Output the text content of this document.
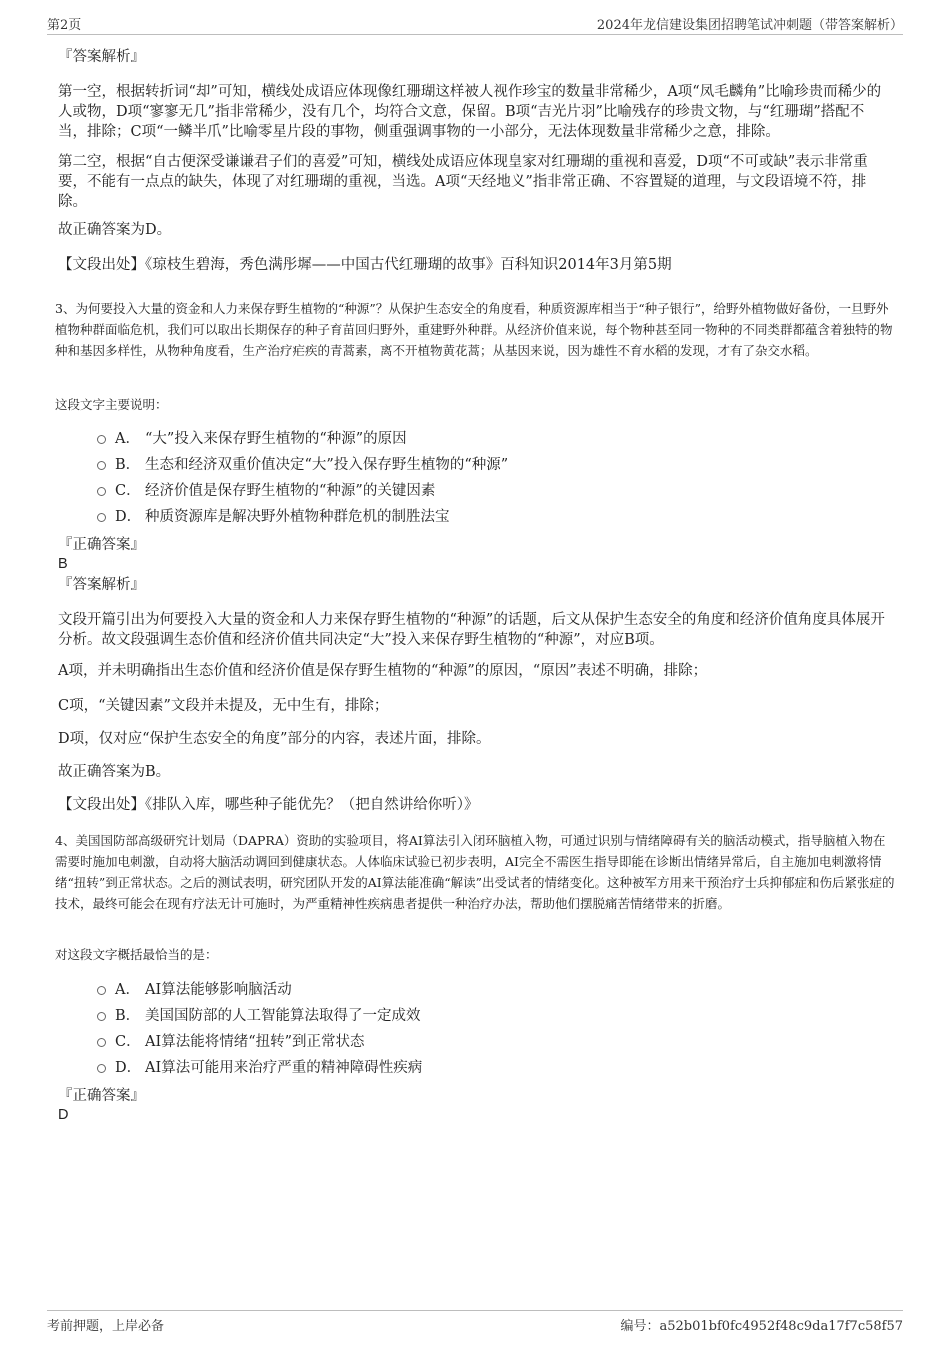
第2页	2024年龙信建设集团招聘笔试冲刺题（带答案解析）
『答案解析』
第一空，根据转折词“却”可知，横线处成语应体现像红珊瑚这样被人视作珍宝的数量非常稀少，A项“凤毛麟角”比喻珍贵而稀少的人或物，D项“寥寥无几”指非常稀少，没有几个，均符合文意，保留。B项“吉光片羽”比喻残存的珍贵文物，与“红珊瑚”搭配不当，排除；C项“一鳞半爪”比喻零星片段的事物，侧重强调事物的一小部分，无法体现数量非常稀少之意，排除。
第二空，根据“自古便深受谦谦君子们的喜爱”可知，横线处成语应体现皇家对红珊瑚的重视和喜爱，D项“不可或缺”表示非常重要，不能有一点点的缺失，体现了对红珊瑚的重视，当选。A项“天经地义”指非常正确、不容置疑的道理，与文段语境不符，排除。
故正确答案为D。
【文段出处】《琼枝生碧海，秀色满彤墀——中国古代红珊瑚的故事》百科知识2014年3月第5期
3、为何要投入大量的资金和人力来保存野生植物的“种源”？从保护生态安全的角度看，种质资源库相当于“种子银行”，给野外植物做好备份，一旦野外植物种群面临危机，我们可以取出长期保存的种子育苗回归野外，重建野外种群。从经济价值来说，每个物种甚至同一物种的不同类群都蕴含着独特的物种和基因多样性，从物种角度看，生产治疗疟疾的青蒿素，离不开植物黄花蒿；从基因来说，因为雄性不育水稻的发现，才有了杂交水稻。
这段文字主要说明：
A． “大”投入来保存野生植物的“种源”的原因
B． 生态和经济双重价值决定“大”投入保存野生植物的“种源”
C． 经济价值是保存野生植物的“种源”的关键因素
D． 种质资源库是解决野外植物种群危机的制胜法宝
『正确答案』
B
『答案解析』
文段开篇引出为何要投入大量的资金和人力来保存野生植物的“种源”的话题，后文从保护生态安全的角度和经济价值角度具体展开分析。故文段强调生态价值和经济价值共同决定“大”投入来保存野生植物的“种源”，对应B项。
A项，并未明确指出生态价值和经济价值是保存野生植物的“种源”的原因，“原因”表述不明确，排除；
C项，“关键因素”文段并未提及，无中生有，排除；
D项，仅对应“保护生态安全的角度”部分的内容，表述片面，排除。
故正确答案为B。
【文段出处】《排队入库，哪些种子能优先？（把自然讲给你听）》
4、美国国防部高级研究计划局（DAPRA）资助的实验项目，将AI算法引入闭环脑植入物，可通过识别与情绪障碍有关的脑活动模式，指导脑植入物在需要时施加电刺激，自动将大脑活动调回到健康状态。人体临床试验已初步表明，AI完全不需医生指导即能在诊断出情绪异常后，自主施加电刺激将情绪“扭转”到正常状态。之后的测试表明，研究团队开发的AI算法能准确“解读”出受试者的情绪变化。这种被军方用来干预治疗士兵抑郁症和伤后紧张症的技术，最终可能会在现有疗法无计可施时，为严重精神性疾病患者提供一种治疗办法，帮助他们摆脱痛苦情绪带来的折磨。
对这段文字概括最恰当的是：
A． AI算法能够影响脑活动
B． 美国国防部的人工智能算法取得了一定成效
C． AI算法能将情绪“扭转”到正常状态
D． AI算法可能用来治疗严重的精神障碍性疾病
『正确答案』
D
考前押题，上岸必备	编号：a52b01bf0fc4952f48c9da17f7c58f57
